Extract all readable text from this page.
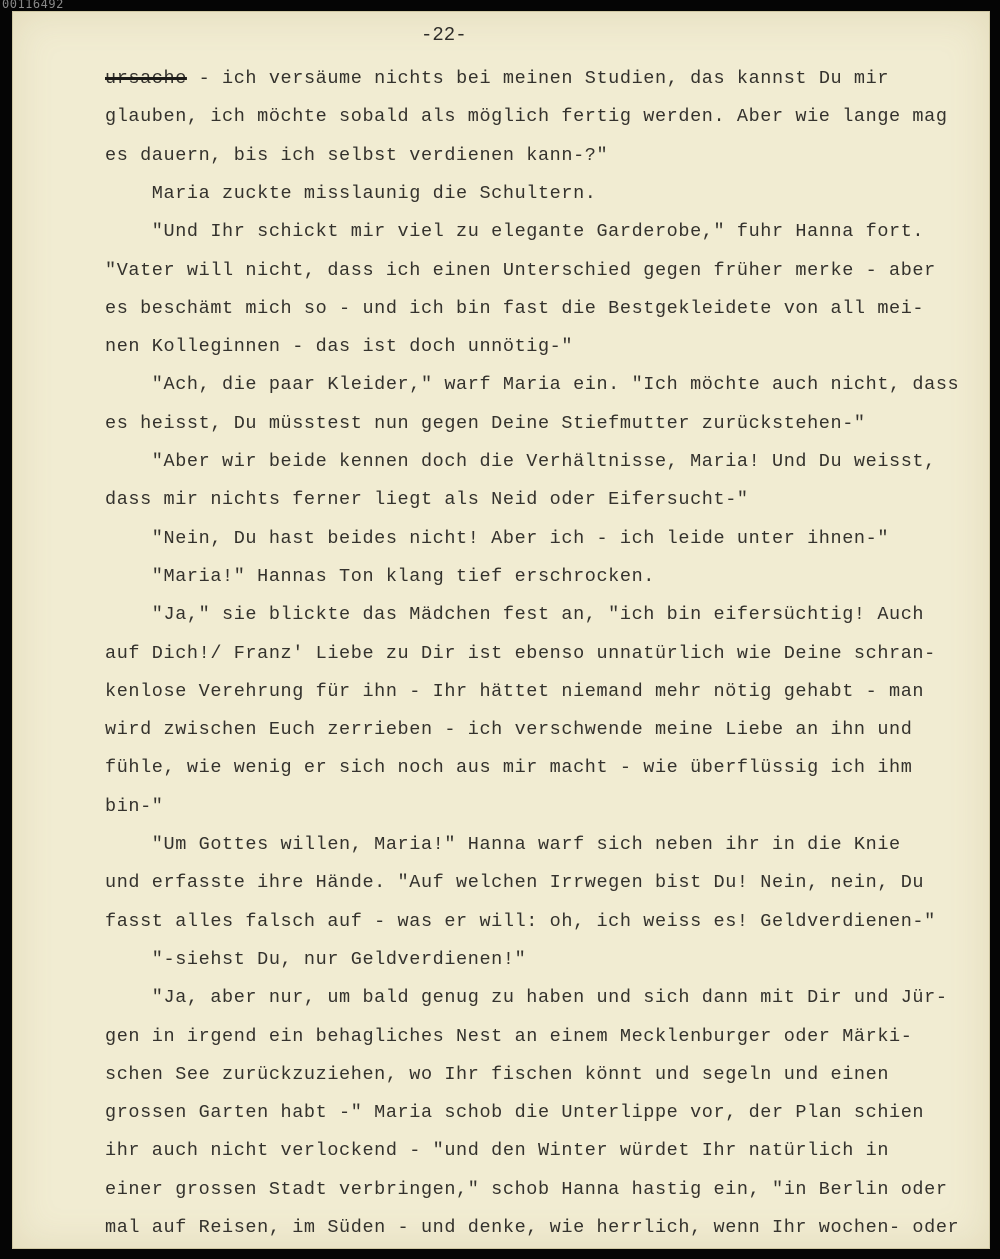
00116492
-22-
ursache - ich versäume nichts bei meinen Studien, das kannst Du mir
glauben, ich möchte sobald als möglich fertig werden. Aber wie lange mag
es dauern, bis ich selbst verdienen kann-?"
Maria zuckte misslaunig die Schultern.
"Und Ihr schickt mir viel zu elegante Garderobe," fuhr Hanna fort.
"Vater will nicht, dass ich einen Unterschied gegen früher merke - aber
es beschämt mich so - und ich bin fast die Bestgekleidete von all mei-
nen Kolleginnen - das ist doch unnötig-"
"Ach, die paar Kleider," warf Maria ein. "Ich möchte auch nicht, dass
es heisst, Du müsstest nun gegen Deine Stiefmutter zurückstehen-"
"Aber wir beide kennen doch die Verhältnisse, Maria! Und Du weisst,
dass mir nichts ferner liegt als Neid oder Eifersucht-"
"Nein, Du hast beides nicht! Aber ich - ich leide unter ihnen-"
"Maria!" Hannas Ton klang tief erschrocken.
"Ja," sie blickte das Mädchen fest an, "ich bin eifersüchtig! Auch
auf Dich!/ Franz' Liebe zu Dir ist ebenso unnatürlich wie Deine schran-
kenlose Verehrung für ihn - Ihr hättet niemand mehr nötig gehabt - man
wird zwischen Euch zerrieben - ich verschwende meine Liebe an ihn und
fühle, wie wenig er sich noch aus mir macht - wie überflüssig ich ihm
bin-"
"Um Gottes willen, Maria!" Hanna warf sich neben ihr in die Knie
und erfasste ihre Hände. "Auf welchen Irrwegen bist Du! Nein, nein, Du
fasst alles falsch auf - was er will: oh, ich weiss es! Geldverdienen-"
"-siehst Du, nur Geldverdienen!"
"Ja, aber nur, um bald genug zu haben und sich dann mit Dir und Jür-
gen in irgend ein behagliches Nest an einem Mecklenburger oder Märki-
schen See zurückzuziehen, wo Ihr fischen könnt und segeln und einen
grossen Garten habt -" Maria schob die Unterlippe vor, der Plan schien
ihr auch nicht verlockend - "und den Winter würdet Ihr natürlich in
einer grossen Stadt verbringen," schob Hanna hastig ein, "in Berlin oder
mal auf Reisen, im Süden - und denke, wie herrlich, wenn Ihr wochen- oder
